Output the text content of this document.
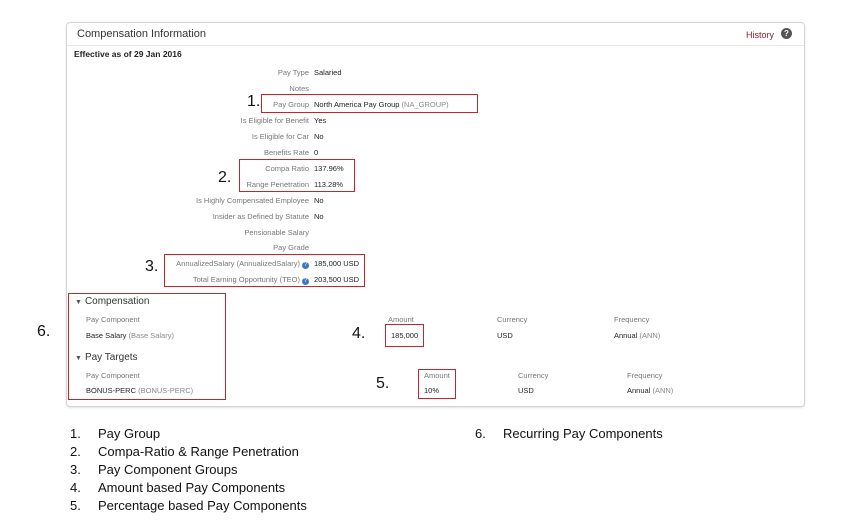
Compensation Information	History	?
Effective as of 29 Jan 2016
Pay Type Salaried
Notes
Pay Group North America Pay Group (NA_GROUP)
Is Eligible for Benefit Yes
Is Eligible for Car No
Benefits Rate 0
Compa Ratio 137.96%
Range Penetration 113.28%
Is Highly Compensated Employee No
Insider as Defined by Statute No
Pensionable Salary
Pay Grade
AnnualizedSalary (AnnualizedSalary) ? 185,000 USD
Total Earning Opportunity (TEO) ? 203,500 USD
▼ Compensation
Pay Component
Base Salary (Base Salary)
Amount	Currency	Frequency
185,000	USD	Annual (ANN)
▼ Pay Targets
Pay Component
BONUS-PERC (BONUS-PERC)
Amount	Currency	Frequency
10%	USD	Annual (ANN)
1.
2.
3.
4.
5.
6.
1. Pay Group
2. Compa-Ratio & Range Penetration
3. Pay Component Groups
4. Amount based Pay Components
5. Percentage based Pay Components
6. Recurring Pay Components
